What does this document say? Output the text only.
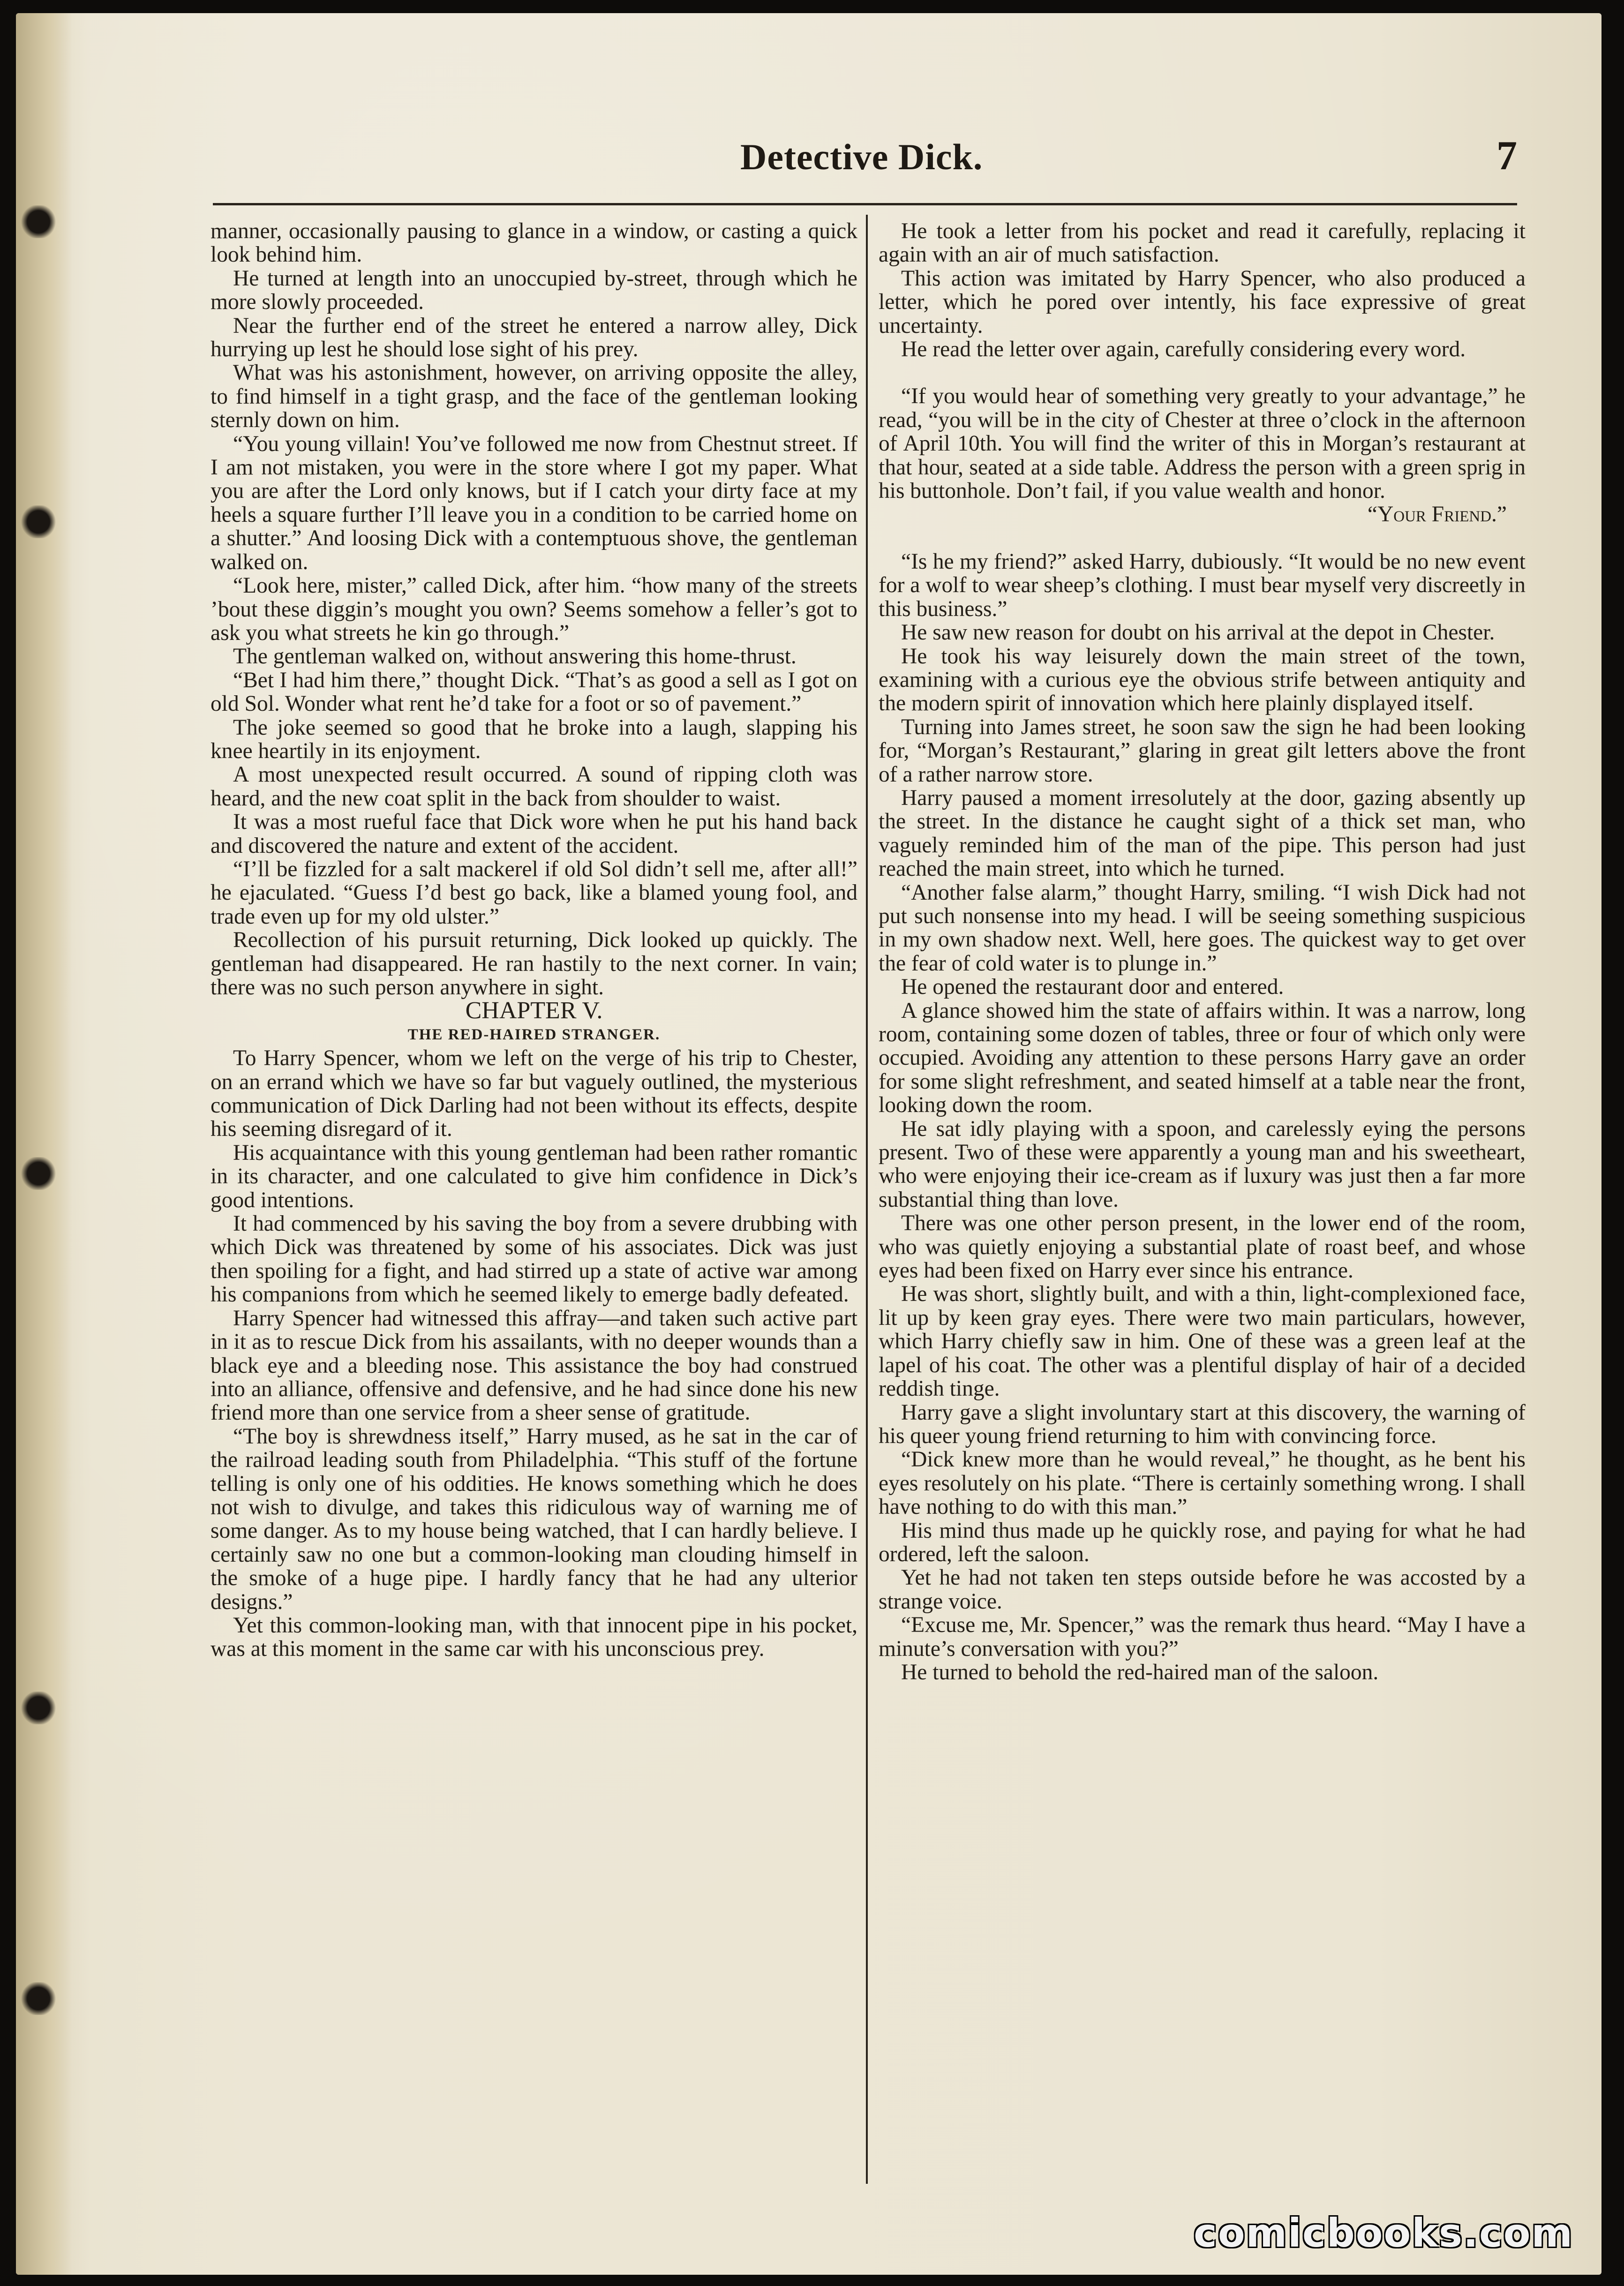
Detective Dick.	7

manner, occasionally pausing to glance in a window, or casting a quick look behind him.

He turned at length into an unoccupied by-street, through which he more slowly proceeded.

Near the further end of the street he entered a narrow alley, Dick hurrying up lest he should lose sight of his prey.

What was his astonishment, however, on arriving opposite the alley, to find himself in a tight grasp, and the face of the gentleman looking sternly down on him.

“You young villain! You’ve followed me now from Chestnut street. If I am not mistaken, you were in the store where I got my paper. What you are after the Lord only knows, but if I catch your dirty face at my heels a square further I’ll leave you in a condition to be carried home on a shutter.” And loosing Dick with a contemptuous shove, the gentleman walked on.

“Look here, mister,” called Dick, after him. “how many of the streets ’bout these diggin’s mought you own? Seems somehow a feller’s got to ask you what streets he kin go through.”

The gentleman walked on, without answering this home-thrust.

“Bet I had him there,” thought Dick. “That’s as good a sell as I got on old Sol. Wonder what rent he’d take for a foot or so of pavement.”

The joke seemed so good that he broke into a laugh, slapping his knee heartily in its enjoyment.

A most unexpected result occurred. A sound of ripping cloth was heard, and the new coat split in the back from shoulder to waist.

It was a most rueful face that Dick wore when he put his hand back and discovered the nature and extent of the accident.

“I’ll be fizzled for a salt mackerel if old Sol didn’t sell me, after all!” he ejaculated. “Guess I’d best go back, like a blamed young fool, and trade even up for my old ulster.”

Recollection of his pursuit returning, Dick looked up quickly. The gentleman had disappeared. He ran hastily to the next corner. In vain; there was no such person anywhere in sight.

CHAPTER V.

THE RED-HAIRED STRANGER.

To Harry Spencer, whom we left on the verge of his trip to Chester, on an errand which we have so far but vaguely outlined, the mysterious communication of Dick Darling had not been without its effects, despite his seeming disregard of it.

His acquaintance with this young gentleman had been rather romantic in its character, and one calculated to give him confidence in Dick’s good intentions.

It had commenced by his saving the boy from a severe drubbing with which Dick was threatened by some of his associates. Dick was just then spoiling for a fight, and had stirred up a state of active war among his companions from which he seemed likely to emerge badly defeated.

Harry Spencer had witnessed this affray—and taken such active part in it as to rescue Dick from his assailants, with no deeper wounds than a black eye and a bleeding nose. This assistance the boy had construed into an alliance, offensive and defensive, and he had since done his new friend more than one service from a sheer sense of gratitude.

“The boy is shrewdness itself,” Harry mused, as he sat in the car of the railroad leading south from Philadelphia. “This stuff of the fortune telling is only one of his oddities. He knows something which he does not wish to divulge, and takes this ridiculous way of warning me of some danger. As to my house being watched, that I can hardly believe. I certainly saw no one but a common-looking man clouding himself in the smoke of a huge pipe. I hardly fancy that he had any ulterior designs.”

Yet this common-looking man, with that innocent pipe in his pocket, was at this moment in the same car with his unconscious prey.

He took a letter from his pocket and read it carefully, replacing it again with an air of much satisfaction.

This action was imitated by Harry Spencer, who also produced a letter, which he pored over intently, his face expressive of great uncertainty.

He read the letter over again, carefully considering every word.

“If you would hear of something very greatly to your advantage,” he read, “you will be in the city of Chester at three o’clock in the afternoon of April 10th. You will find the writer of this in Morgan’s restaurant at that hour, seated at a side table. Address the person with a green sprig in his buttonhole. Don’t fail, if you value wealth and honor.

“Your Friend.”

“Is he my friend?” asked Harry, dubiously. “It would be no new event for a wolf to wear sheep’s clothing. I must bear myself very discreetly in this business.”

He saw new reason for doubt on his arrival at the depot in Chester.

He took his way leisurely down the main street of the town, examining with a curious eye the obvious strife between antiquity and the modern spirit of innovation which here plainly displayed itself.

Turning into James street, he soon saw the sign he had been looking for, “Morgan’s Restaurant,” glaring in great gilt letters above the front of a rather narrow store.

Harry paused a moment irresolutely at the door, gazing absently up the street. In the distance he caught sight of a thick set man, who vaguely reminded him of the man of the pipe. This person had just reached the main street, into which he turned.

“Another false alarm,” thought Harry, smiling. “I wish Dick had not put such nonsense into my head. I will be seeing something suspicious in my own shadow next. Well, here goes. The quickest way to get over the fear of cold water is to plunge in.”

He opened the restaurant door and entered.

A glance showed him the state of affairs within. It was a narrow, long room, containing some dozen of tables, three or four of which only were occupied. Avoiding any attention to these persons Harry gave an order for some slight refreshment, and seated himself at a table near the front, looking down the room.

He sat idly playing with a spoon, and carelessly eying the persons present. Two of these were apparently a young man and his sweetheart, who were enjoying their ice-cream as if luxury was just then a far more substantial thing than love.

There was one other person present, in the lower end of the room, who was quietly enjoying a substantial plate of roast beef, and whose eyes had been fixed on Harry ever since his entrance.

He was short, slightly built, and with a thin, light-complexioned face, lit up by keen gray eyes. There were two main particulars, however, which Harry chiefly saw in him. One of these was a green leaf at the lapel of his coat. The other was a plentiful display of hair of a decided reddish tinge.

Harry gave a slight involuntary start at this discovery, the warning of his queer young friend returning to him with convincing force.

“Dick knew more than he would reveal,” he thought, as he bent his eyes resolutely on his plate. “There is certainly something wrong. I shall have nothing to do with this man.”

His mind thus made up he quickly rose, and paying for what he had ordered, left the saloon.

Yet he had not taken ten steps outside before he was accosted by a strange voice.

“Excuse me, Mr. Spencer,” was the remark thus heard. “May I have a minute’s conversation with you?”

He turned to behold the red-haired man of the saloon.

comicbooks.com
